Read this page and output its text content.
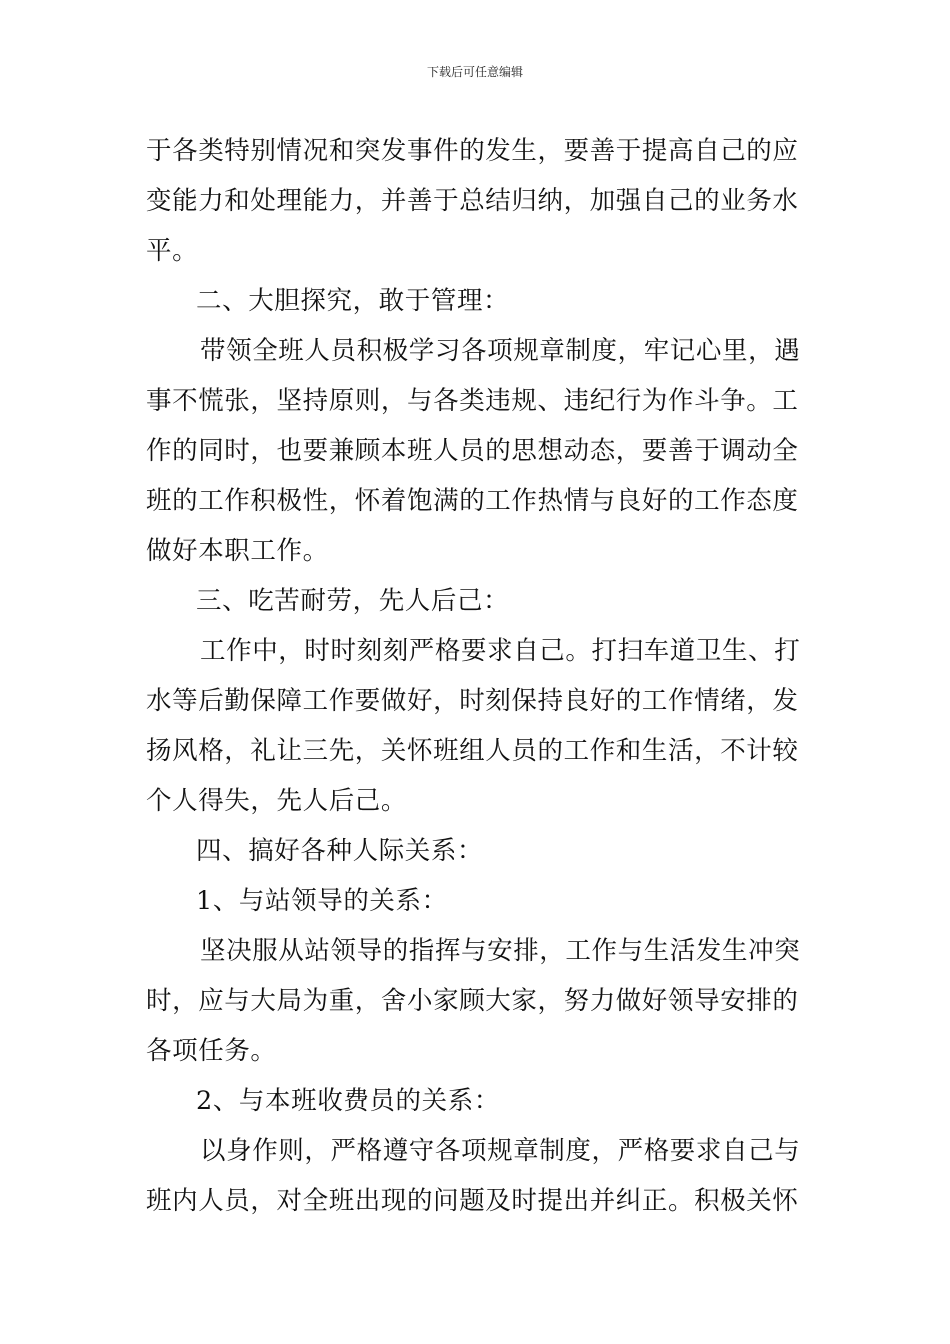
下载后可任意编辑

于各类特别情况和突发事件的发生，要善于提高自己的应

变能力和处理能力，并善于总结归纳，加强自己的业务水

平。

二、大胆探究，敢于管理：

带领全班人员积极学习各项规章制度，牢记心里，遇

事不慌张，坚持原则，与各类违规、违纪行为作斗争。工

作的同时，也要兼顾本班人员的思想动态，要善于调动全

班的工作积极性，怀着饱满的工作热情与良好的工作态度

做好本职工作。

三、吃苦耐劳，先人后己：

工作中，时时刻刻严格要求自己。打扫车道卫生、打

水等后勤保障工作要做好，时刻保持良好的工作情绪，发

扬风格，礼让三先，关怀班组人员的工作和生活，不计较

个人得失，先人后己。

四、搞好各种人际关系：

1、与站领导的关系：

坚决服从站领导的指挥与安排，工作与生活发生冲突

时，应与大局为重，舍小家顾大家，努力做好领导安排的

各项任务。

2、与本班收费员的关系：

以身作则，严格遵守各项规章制度，严格要求自己与

班内人员，对全班出现的问题及时提出并纠正。积极关怀
